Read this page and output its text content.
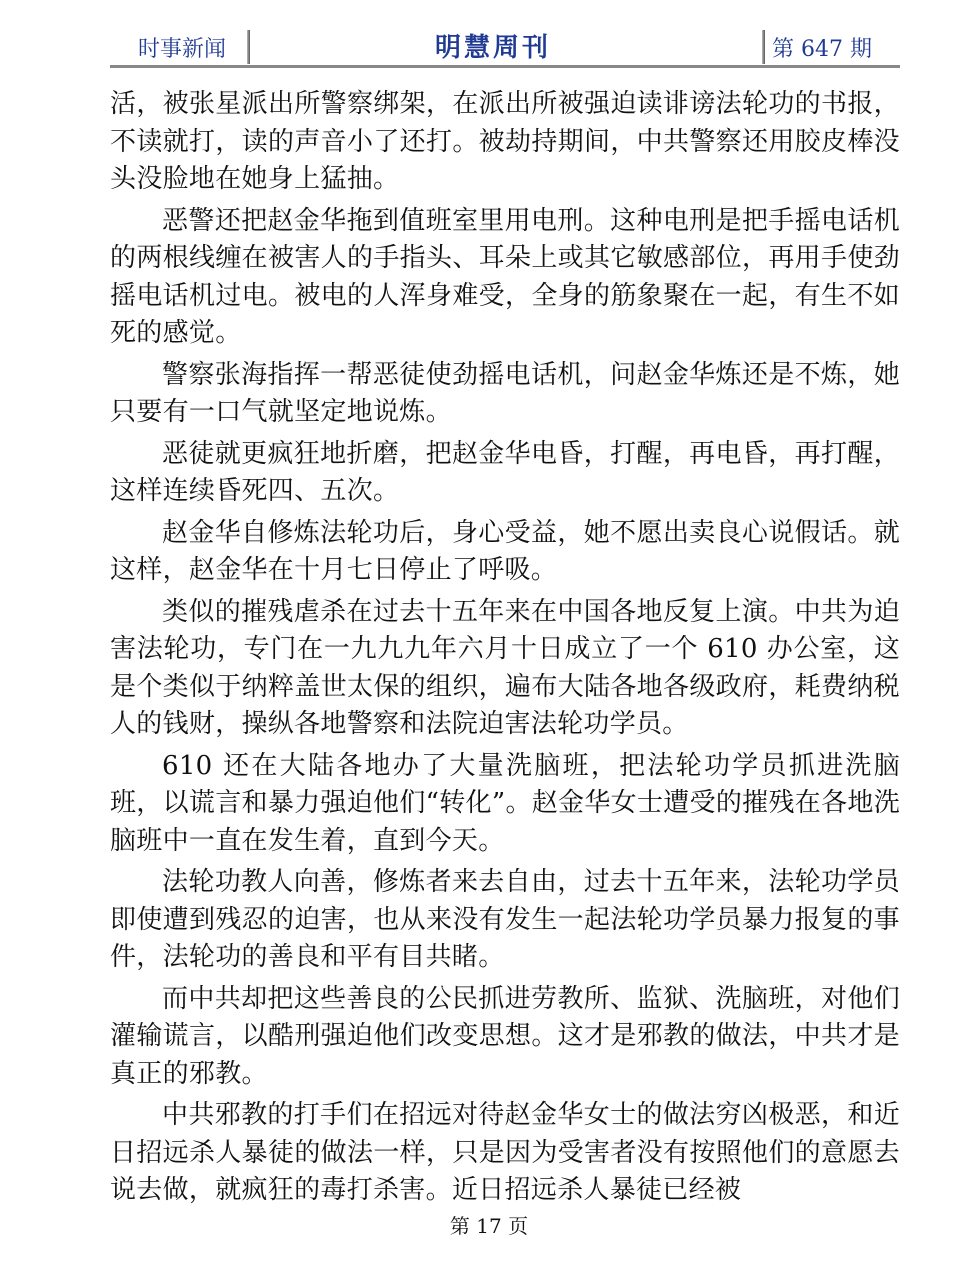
时事新闻	明慧周刊	第 647 期

活，被张星派出所警察绑架，在派出所被强迫读诽谤法轮功的书报，不读就打，读的声音小了还打。被劫持期间，中共警察还用胶皮棒没头没脸地在她身上猛抽。

恶警还把赵金华拖到值班室里用电刑。这种电刑是把手摇电话机的两根线缠在被害人的手指头、耳朵上或其它敏感部位，再用手使劲摇电话机过电。被电的人浑身难受，全身的筋象聚在一起，有生不如死的感觉。

警察张海指挥一帮恶徒使劲摇电话机，问赵金华炼还是不炼，她只要有一口气就坚定地说炼。

恶徒就更疯狂地折磨，把赵金华电昏，打醒，再电昏，再打醒，这样连续昏死四、五次。

赵金华自修炼法轮功后，身心受益，她不愿出卖良心说假话。就这样，赵金华在十月七日停止了呼吸。

类似的摧残虐杀在过去十五年来在中国各地反复上演。中共为迫害法轮功，专门在一九九九年六月十日成立了一个 610 办公室，这是个类似于纳粹盖世太保的组织，遍布大陆各地各级政府，耗费纳税人的钱财，操纵各地警察和法院迫害法轮功学员。

610 还在大陆各地办了大量洗脑班，把法轮功学员抓进洗脑班，以谎言和暴力强迫他们“转化”。赵金华女士遭受的摧残在各地洗脑班中一直在发生着，直到今天。

法轮功教人向善，修炼者来去自由，过去十五年来，法轮功学员即使遭到残忍的迫害，也从来没有发生一起法轮功学员暴力报复的事件，法轮功的善良和平有目共睹。

而中共却把这些善良的公民抓进劳教所、监狱、洗脑班，对他们灌输谎言，以酷刑强迫他们改变思想。这才是邪教的做法，中共才是真正的邪教。

中共邪教的打手们在招远对待赵金华女士的做法穷凶极恶，和近日招远杀人暴徒的做法一样，只是因为受害者没有按照他们的意愿去说去做，就疯狂的毒打杀害。近日招远杀人暴徒已经被

第 17 页
